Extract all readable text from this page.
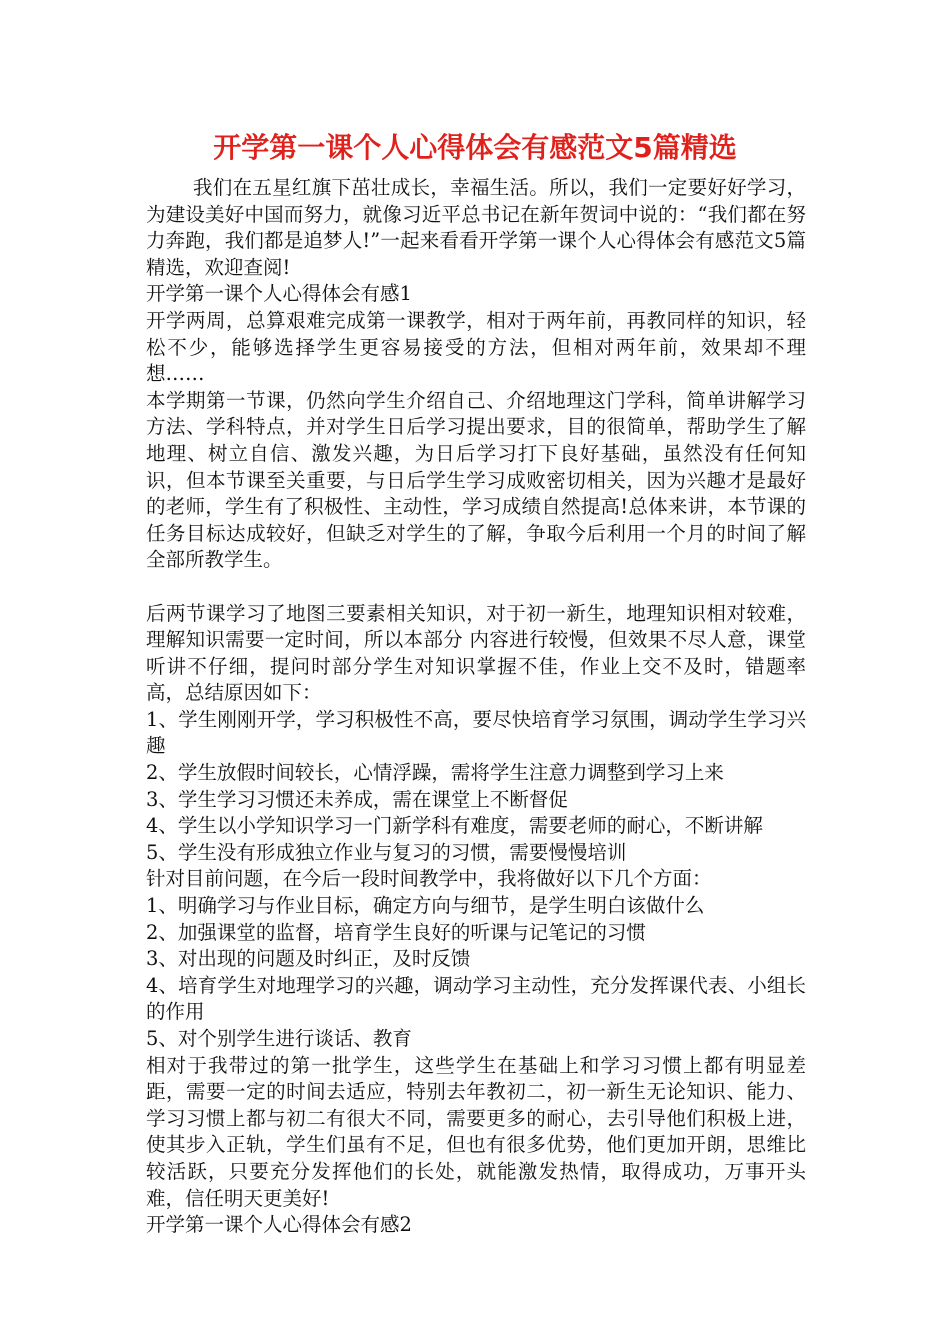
开学第一课个人心得体会有感范文5篇精选

我们在五星红旗下茁壮成长，幸福生活。所以，我们一定要好好学习，为建设美好中国而努力，就像习近平总书记在新年贺词中说的：“我们都在努力奔跑，我们都是追梦人!”一起来看看开学第一课个人心得体会有感范文5篇精选，欢迎查阅!

开学第一课个人心得体会有感1

开学两周，总算艰难完成第一课教学，相对于两年前，再教同样的知识，轻松不少，能够选择学生更容易接受的方法，但相对两年前，效果却不理想……

本学期第一节课，仍然向学生介绍自己、介绍地理这门学科，简单讲解学习方法、学科特点，并对学生日后学习提出要求，目的很简单，帮助学生了解地理、树立自信、激发兴趣，为日后学习打下良好基础，虽然没有任何知识，但本节课至关重要，与日后学生学习成败密切相关，因为兴趣才是最好的老师，学生有了积极性、主动性，学习成绩自然提高!总体来讲，本节课的任务目标达成较好，但缺乏对学生的了解，争取今后利用一个月的时间了解全部所教学生。

后两节课学习了地图三要素相关知识，对于初一新生，地理知识相对较难，理解知识需要一定时间，所以本部分 内容进行较慢，但效果不尽人意，课堂听讲不仔细，提问时部分学生对知识掌握不佳，作业上交不及时，错题率高，总结原因如下：

1、学生刚刚开学，学习积极性不高，要尽快培育学习氛围，调动学生学习兴趣

2、学生放假时间较长，心情浮躁，需将学生注意力调整到学习上来

3、学生学习习惯还未养成，需在课堂上不断督促

4、学生以小学知识学习一门新学科有难度，需要老师的耐心，不断讲解

5、学生没有形成独立作业与复习的习惯，需要慢慢培训

针对目前问题，在今后一段时间教学中，我将做好以下几个方面：

1、明确学习与作业目标，确定方向与细节，是学生明白该做什么

2、加强课堂的监督，培育学生良好的听课与记笔记的习惯

3、对出现的问题及时纠正，及时反馈

4、培育学生对地理学习的兴趣，调动学习主动性，充分发挥课代表、小组长的作用

5、对个别学生进行谈话、教育

相对于我带过的第一批学生，这些学生在基础上和学习习惯上都有明显差距，需要一定的时间去适应，特别去年教初二，初一新生无论知识、能力、学习习惯上都与初二有很大不同，需要更多的耐心，去引导他们积极上进，使其步入正轨，学生们虽有不足，但也有很多优势，他们更加开朗，思维比较活跃，只要充分发挥他们的长处，就能激发热情，取得成功，万事开头难，信任明天更美好!

开学第一课个人心得体会有感2
